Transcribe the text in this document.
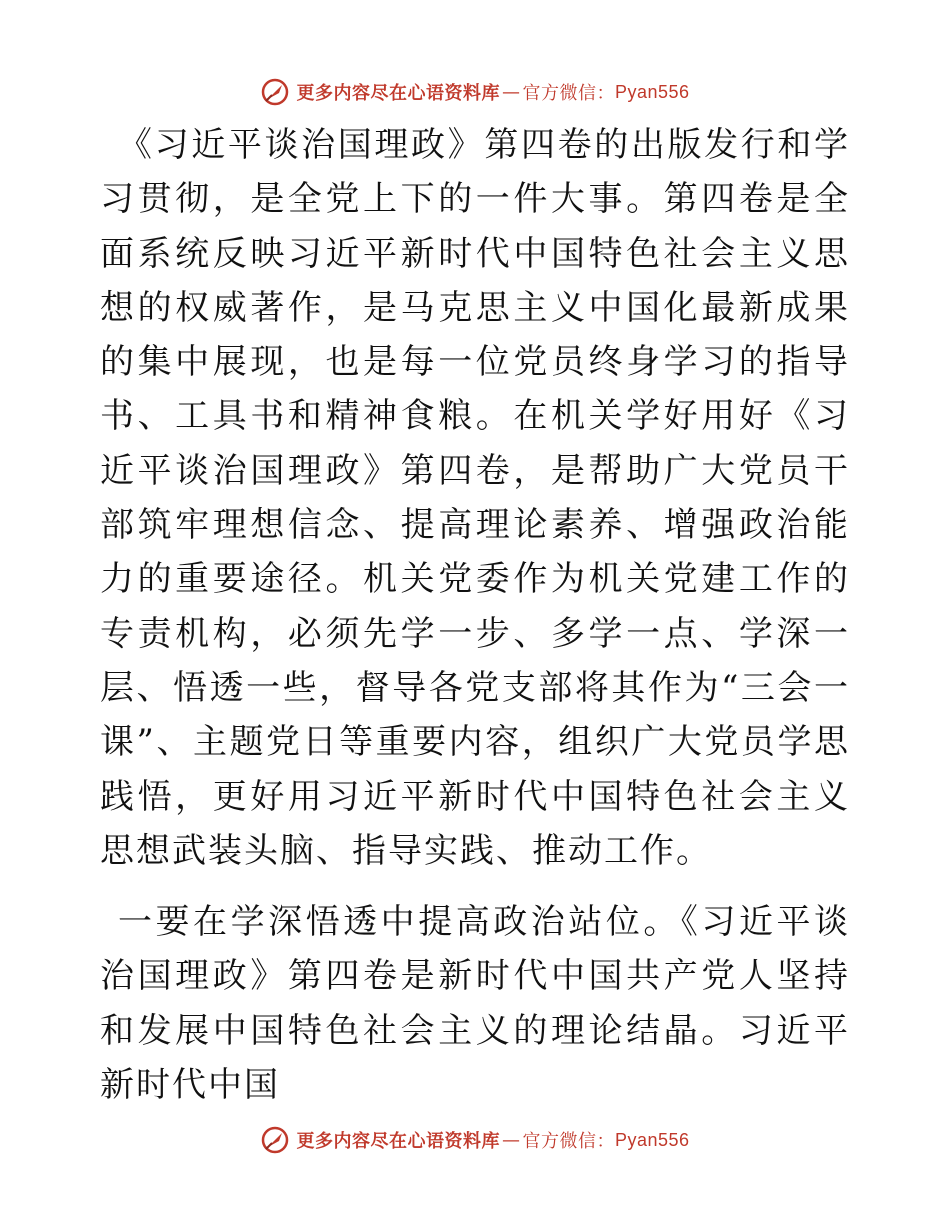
更多内容尽在心语资料库 — 官方微信： Pyan556

《习近平谈治国理政》第四卷的出版发行和学习贯彻，是全党上下的一件大事。第四卷是全面系统反映习近平新时代中国特色社会主义思想的权威著作，是马克思主义中国化最新成果的集中展现，也是每一位党员终身学习的指导书、工具书和精神食粮。在机关学好用好《习近平谈治国理政》第四卷，是帮助广大党员干部筑牢理想信念、提高理论素养、增强政治能力的重要途径。机关党委作为机关党建工作的专责机构，必须先学一步、多学一点、学深一层、悟透一些，督导各党支部将其作为“三会一课”、主题党日等重要内容，组织广大党员学思践悟，更好用习近平新时代中国特色社会主义思想武装头脑、指导实践、推动工作。

一要在学深悟透中提高政治站位。《习近平谈治国理政》第四卷是新时代中国共产党人坚持和发展中国特色社会主义的理论结晶。习近平新时代中国

更多内容尽在心语资料库 — 官方微信： Pyan556
